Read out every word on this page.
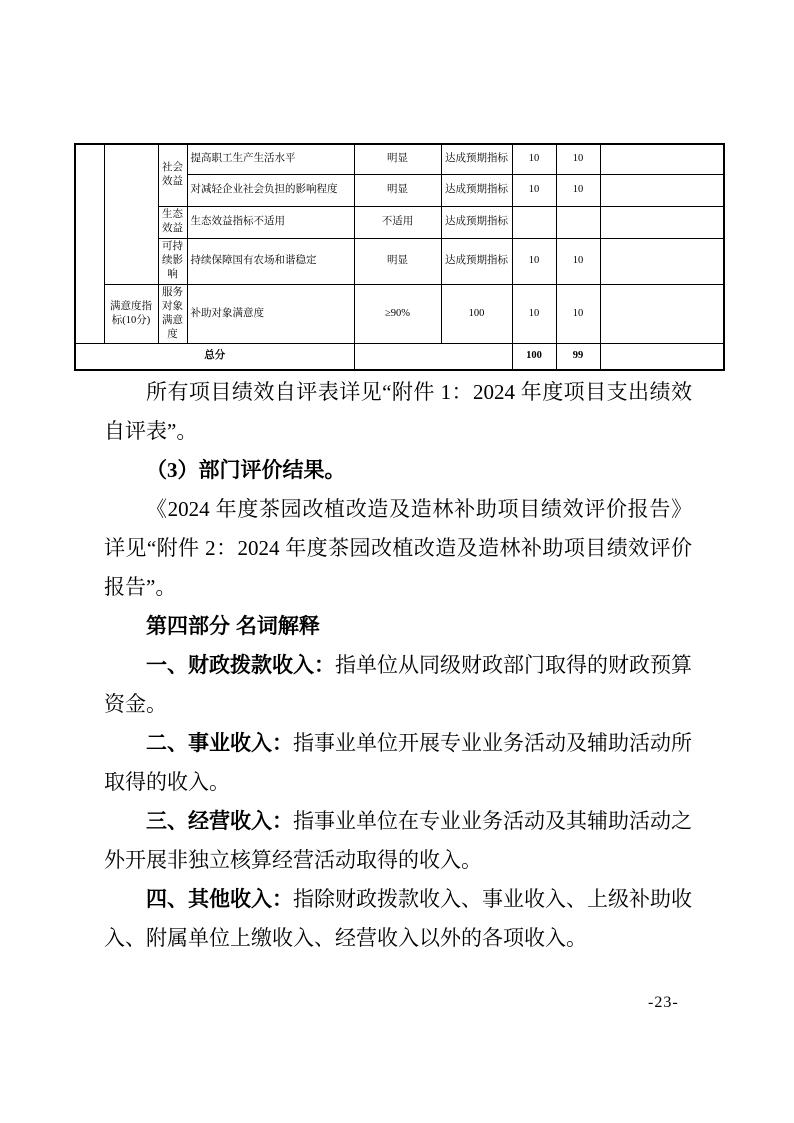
		社会效益	提高职工生产生活水平	明显	达成预期指标	10	10	
			对减轻企业社会负担的影响程度	明显	达成预期指标	10	10	
		生态效益	生态效益指标不适用	不适用	达成预期指标			
		可持续影响	持续保障国有农场和谐稳定	明显	达成预期指标	10	10	
	满意度指标(10分)	服务对象满意度	补助对象满意度	≥90%	100	10	10	
总分						100	99	

所有项目绩效自评表详见“附件 1：2024 年度项目支出绩效自评表”。

（3）部门评价结果。

《2024 年度茶园改植改造及造林补助项目绩效评价报告》详见“附件 2：2024 年度茶园改植改造及造林补助项目绩效评价报告”。

第四部分 名词解释

一、财政拨款收入：指单位从同级财政部门取得的财政预算资金。

二、事业收入：指事业单位开展专业业务活动及辅助活动所取得的收入。

三、经营收入：指事业单位在专业业务活动及其辅助活动之外开展非独立核算经营活动取得的收入。

四、其他收入：指除财政拨款收入、事业收入、上级补助收入、附属单位上缴收入、经营收入以外的各项收入。

-23-
